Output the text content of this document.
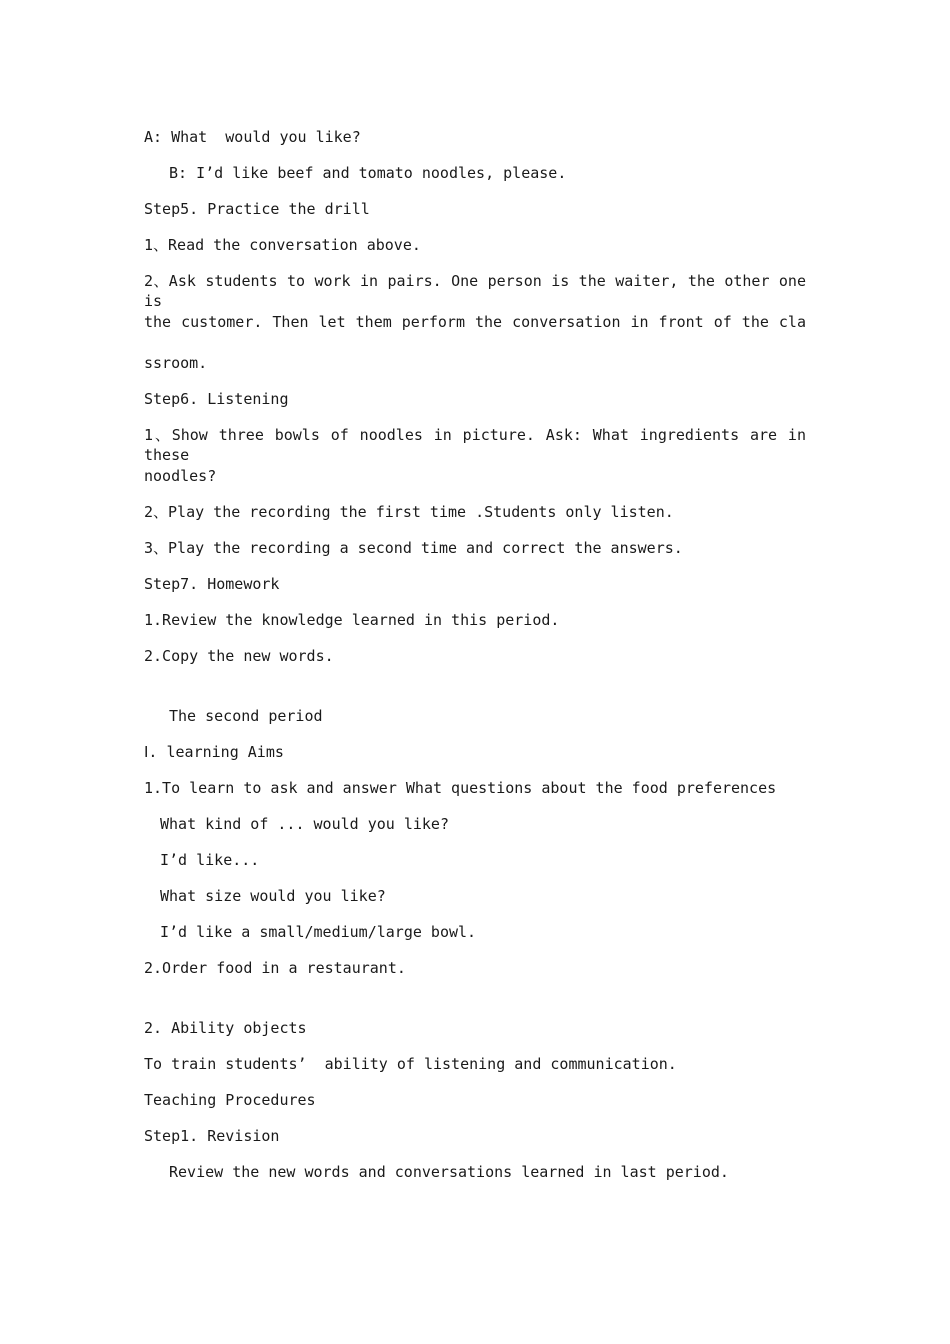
A: What  would you like?
B: I’d like beef and tomato noodles, please.
Step5. Practice the drill
1、Read the conversation above.
2、Ask students to work in pairs. One person is the waiter, the other one is
the customer. Then let them perform the conversation in front of the cla
ssroom.
Step6. Listening
1、Show three bowls of noodles in picture. Ask: What ingredients are in these
noodles?
2、Play the recording the first time .Students only listen.
3、Play the recording a second time and correct the answers.
Step7. Homework
1.Review the knowledge learned in this period.
2.Copy the new words.
The second period
Ⅰ. learning Aims
1.To learn to ask and answer What questions about the food preferences
What kind of ... would you like?
I’d like...
What size would you like?
I’d like a small/medium/large bowl.
2.Order food in a restaurant.
2. Ability objects
To train students’  ability of listening and communication.
Teaching Procedures
Step1. Revision
Review the new words and conversations learned in last period.
